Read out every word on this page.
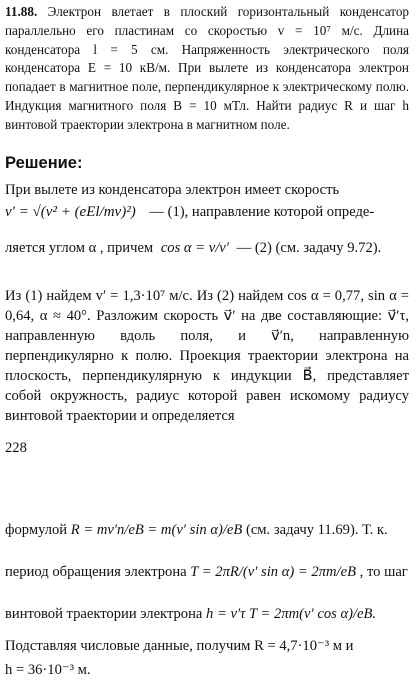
11.88. Электрон влетает в плоский горизонтальный конденсатор параллельно его пластинам со скоростью v = 10⁷ м/с. Длина конденсатора l = 5 см. Напряженность электрического поля конденсатора E = 10 кВ/м. При вылете из конденсатора электрон попадает в магнитное поле, перпендикулярное к электрическому полю. Индукция магнитного поля B = 10 мТл. Найти радиус R и шаг h винтовой траектории электрона в магнитном поле.
Решение:
При вылете из конденсатора электрон имеет скорость
v′ = √(v² + (eEl/mv)²) — (1), направление которой опреде-
ляется углом α , причем cos α = v/v′ — (2) (см. задачу 9.72).
Из (1) найдем v′ = 1,3·10⁷ м/с. Из (2) найдем cos α = 0,77, sin α = 0,64, α ≈ 40°. Разложим скорость v⃗′ на две составляющие: v⃗′τ, направленную вдоль поля, и v⃗′n, направленную перпендикулярно к полю. Проекция траектории электрона на плоскость, перпендикулярную к индукции B⃗, представляет собой окружность, радиус которой равен искомому радиусу винтовой траектории и определяется
228
формулой R = mv′n/eB = m(v′ sin α)/eB (см. задачу 11.69). Т. к.
период обращения электрона T = 2πR/(v′ sin α) = 2πm/eB , то шаг
винтовой траектории электрона h = v′τ T = 2πm(v′ cos α)/eB.
Подставляя числовые данные, получим R = 4,7·10⁻³ м и
h = 36·10⁻³ м.
